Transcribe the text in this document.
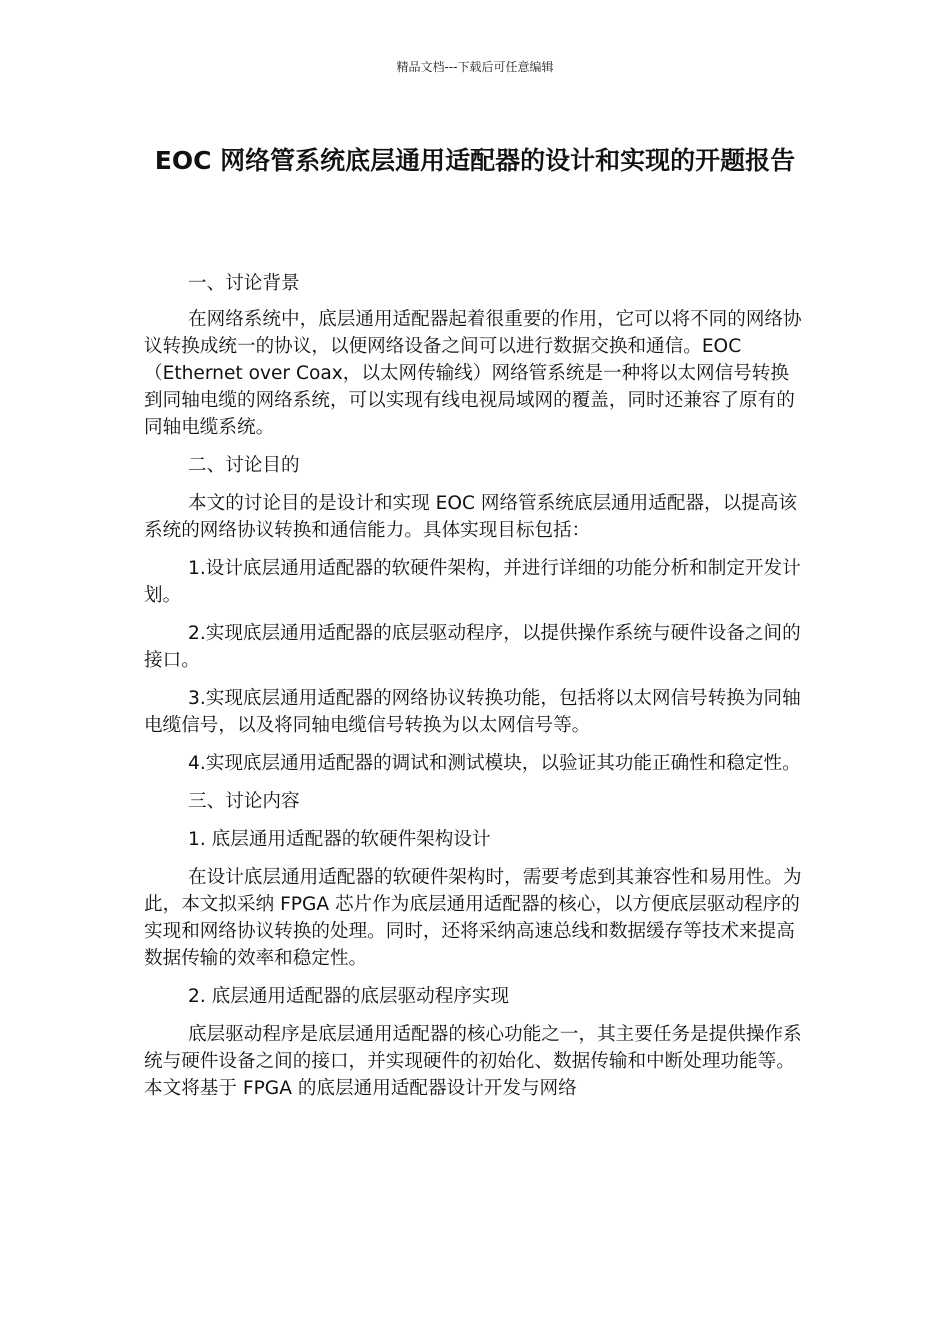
精品文档---下载后可任意编辑
EOC 网络管系统底层通用适配器的设计和实现的开题报告

一、讨论背景

在网络系统中，底层通用适配器起着很重要的作用，它可以将不同的网络协议转换成统一的协议，以便网络设备之间可以进行数据交换和通信。EOC（Ethernet over Coax，以太网传输线）网络管系统是一种将以太网信号转换到同轴电缆的网络系统，可以实现有线电视局域网的覆盖，同时还兼容了原有的同轴电缆系统。

二、讨论目的

本文的讨论目的是设计和实现 EOC 网络管系统底层通用适配器，以提高该系统的网络协议转换和通信能力。具体实现目标包括：

1.设计底层通用适配器的软硬件架构，并进行详细的功能分析和制定开发计划。

2.实现底层通用适配器的底层驱动程序，以提供操作系统与硬件设备之间的接口。

3.实现底层通用适配器的网络协议转换功能，包括将以太网信号转换为同轴电缆信号，以及将同轴电缆信号转换为以太网信号等。

4.实现底层通用适配器的调试和测试模块，以验证其功能正确性和稳定性。

三、讨论内容

1. 底层通用适配器的软硬件架构设计

在设计底层通用适配器的软硬件架构时，需要考虑到其兼容性和易用性。为此，本文拟采纳 FPGA 芯片作为底层通用适配器的核心，以方便底层驱动程序的实现和网络协议转换的处理。同时，还将采纳高速总线和数据缓存等技术来提高数据传输的效率和稳定性。

2. 底层通用适配器的底层驱动程序实现

底层驱动程序是底层通用适配器的核心功能之一，其主要任务是提供操作系统与硬件设备之间的接口，并实现硬件的初始化、数据传输和中断处理功能等。本文将基于 FPGA 的底层通用适配器设计开发与网络
